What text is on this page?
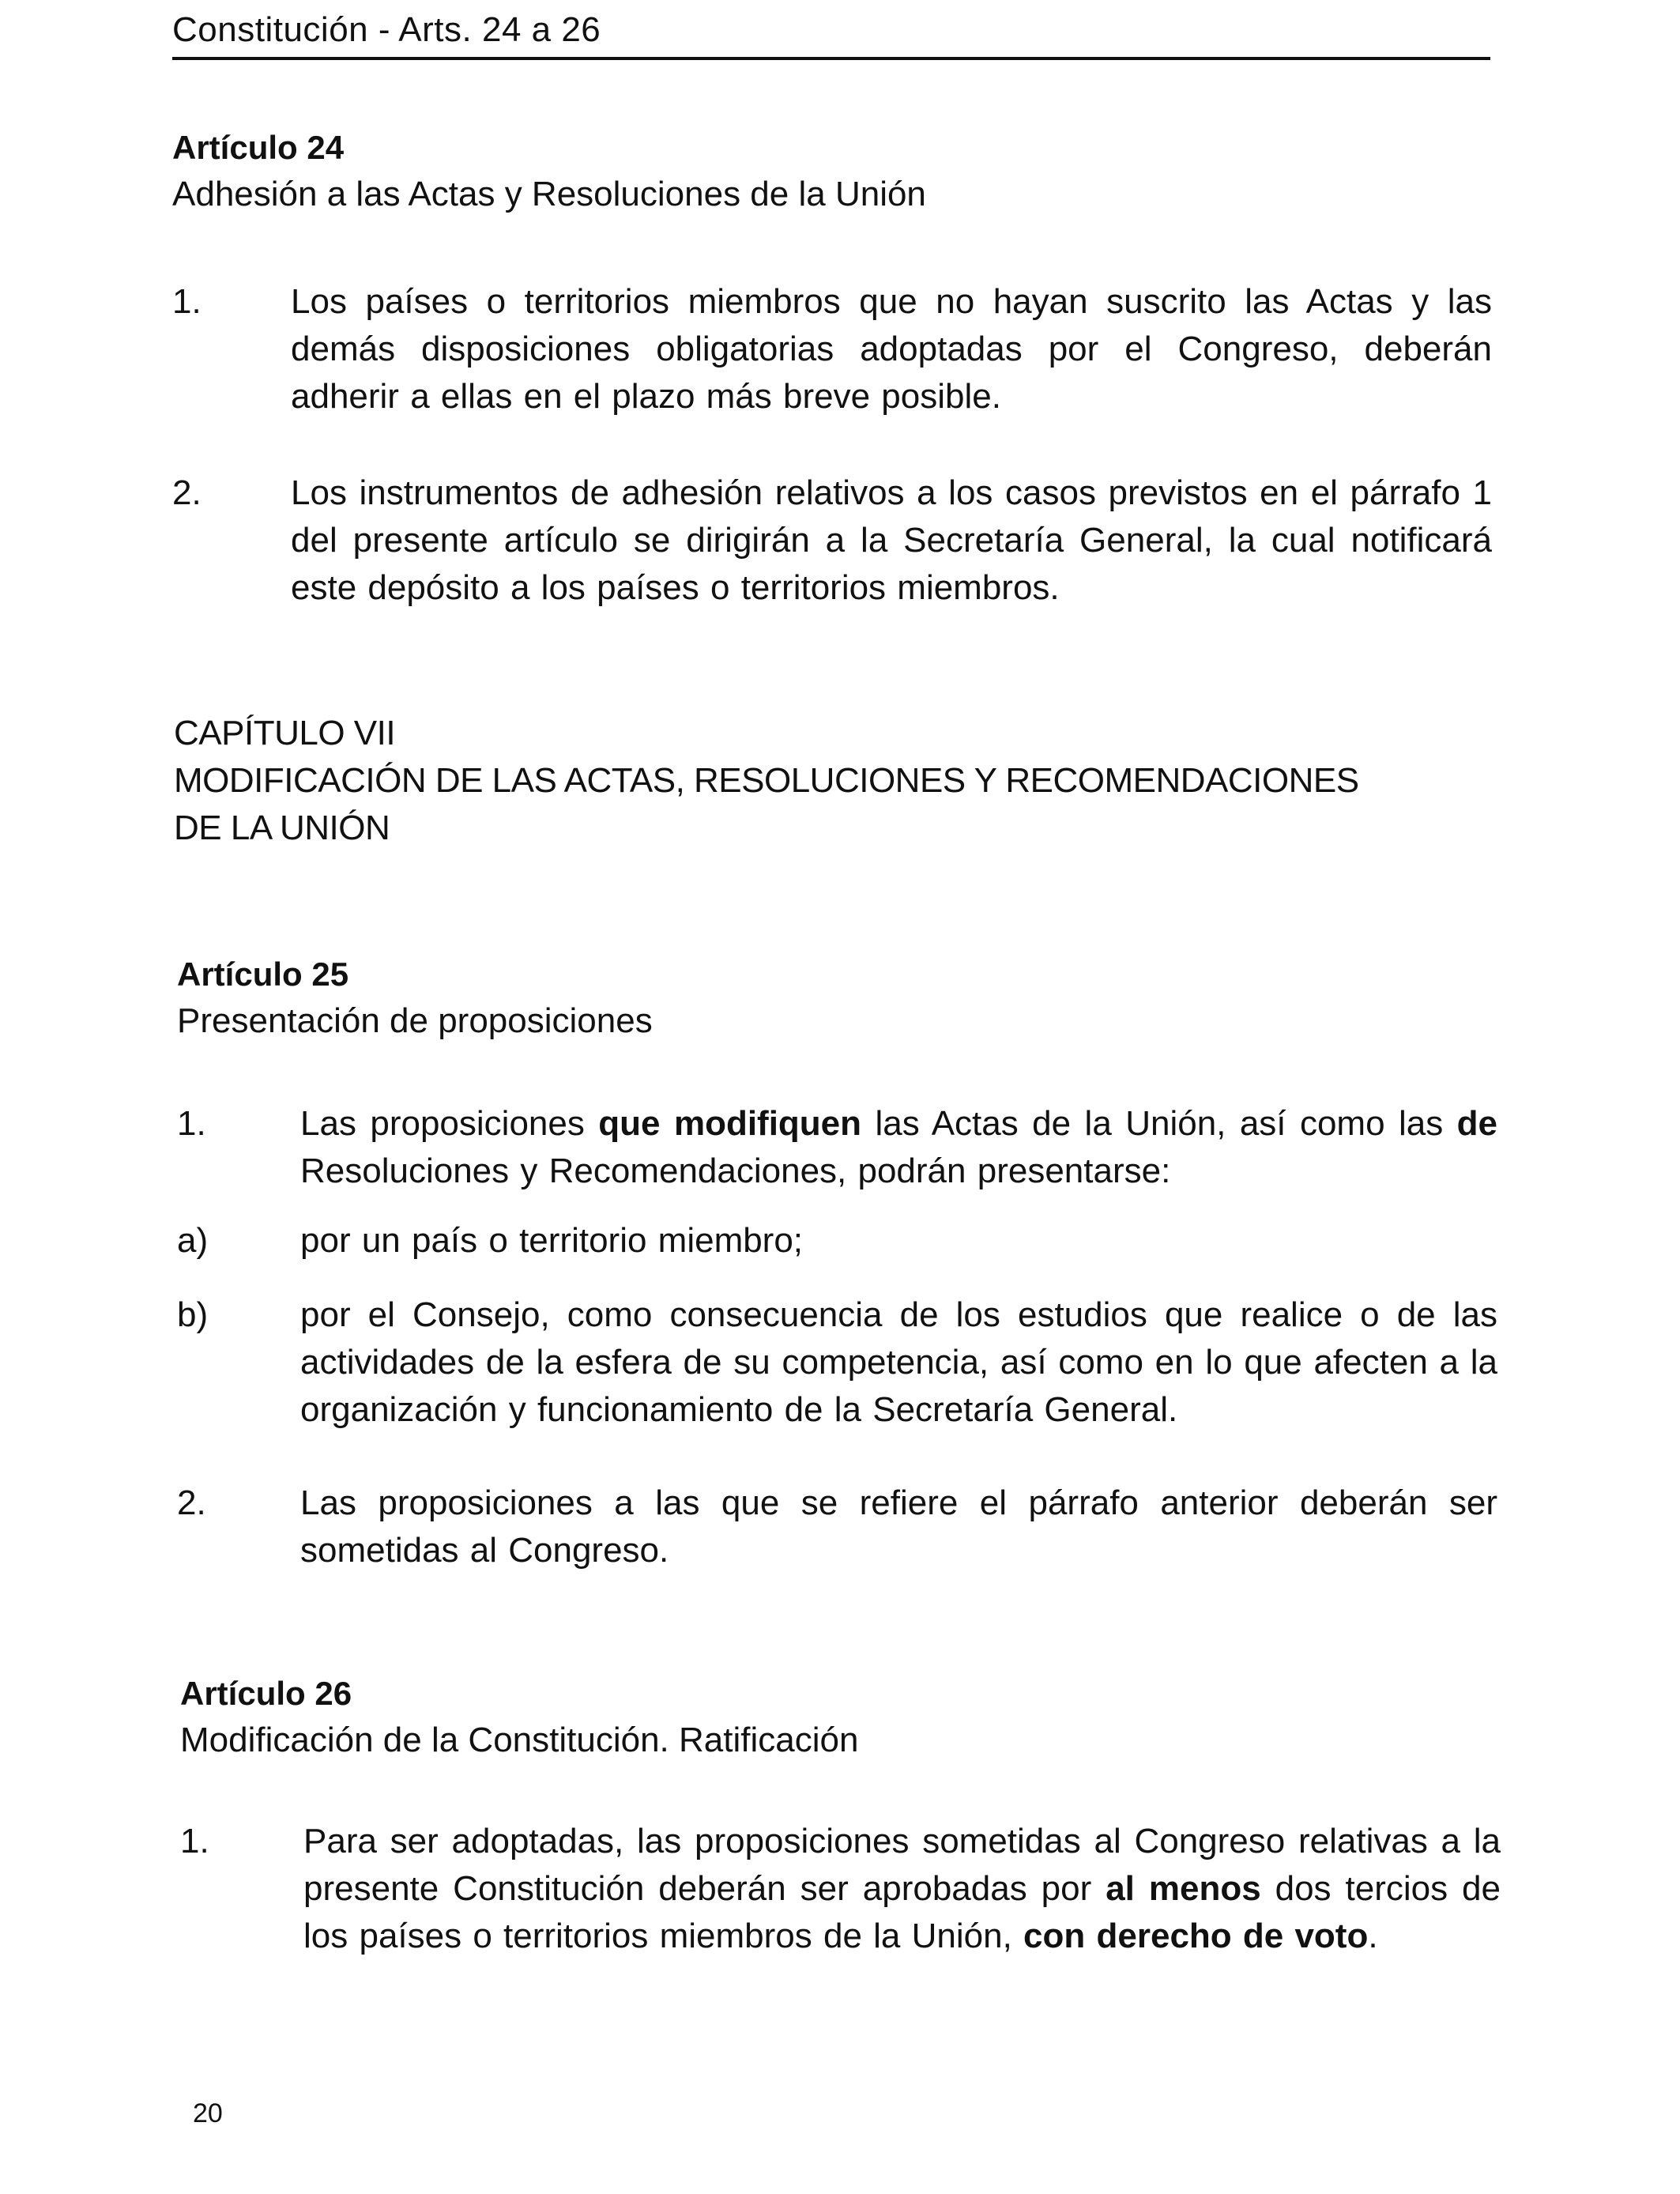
Constitución - Arts. 24 a 26

Artículo 24

Adhesión a las Actas y Resoluciones de la Unión

1.	Los países o territorios miembros que no hayan suscrito las Actas y las demás disposiciones obligatorias adoptadas por el Congreso, deberán adherir a ellas en el plazo más breve posible.
2.	Los instrumentos de adhesión relativos a los casos previstos en el párrafo 1 del presente artículo se dirigirán a la Secretaría General, la cual notificará este depósito a los países o territorios miembros.
CAPÍTULO VII
MODIFICACIÓN DE LAS ACTAS, RESOLUCIONES Y RECOMENDACIONES
DE LA UNIÓN

Artículo 25

Presentación de proposiciones

1.	Las proposiciones que modifiquen las Actas de la Unión, así como las de Resoluciones y Recomendaciones, podrán presentarse:
a)	por un país o territorio miembro;
b)	por el Consejo, como consecuencia de los estudios que realice o de las actividades de la esfera de su competencia, así como en lo que afecten a la organización y funcionamiento de la Secretaría General.
2.	Las proposiciones a las que se refiere el párrafo anterior deberán ser sometidas al Congreso.

Artículo 26

Modificación de la Constitución. Ratificación

1.	Para ser adoptadas, las proposiciones sometidas al Congreso relativas a la presente Constitución deberán ser aprobadas por al menos dos tercios de los países o territorios miembros de la Unión, con derecho de voto.
20
